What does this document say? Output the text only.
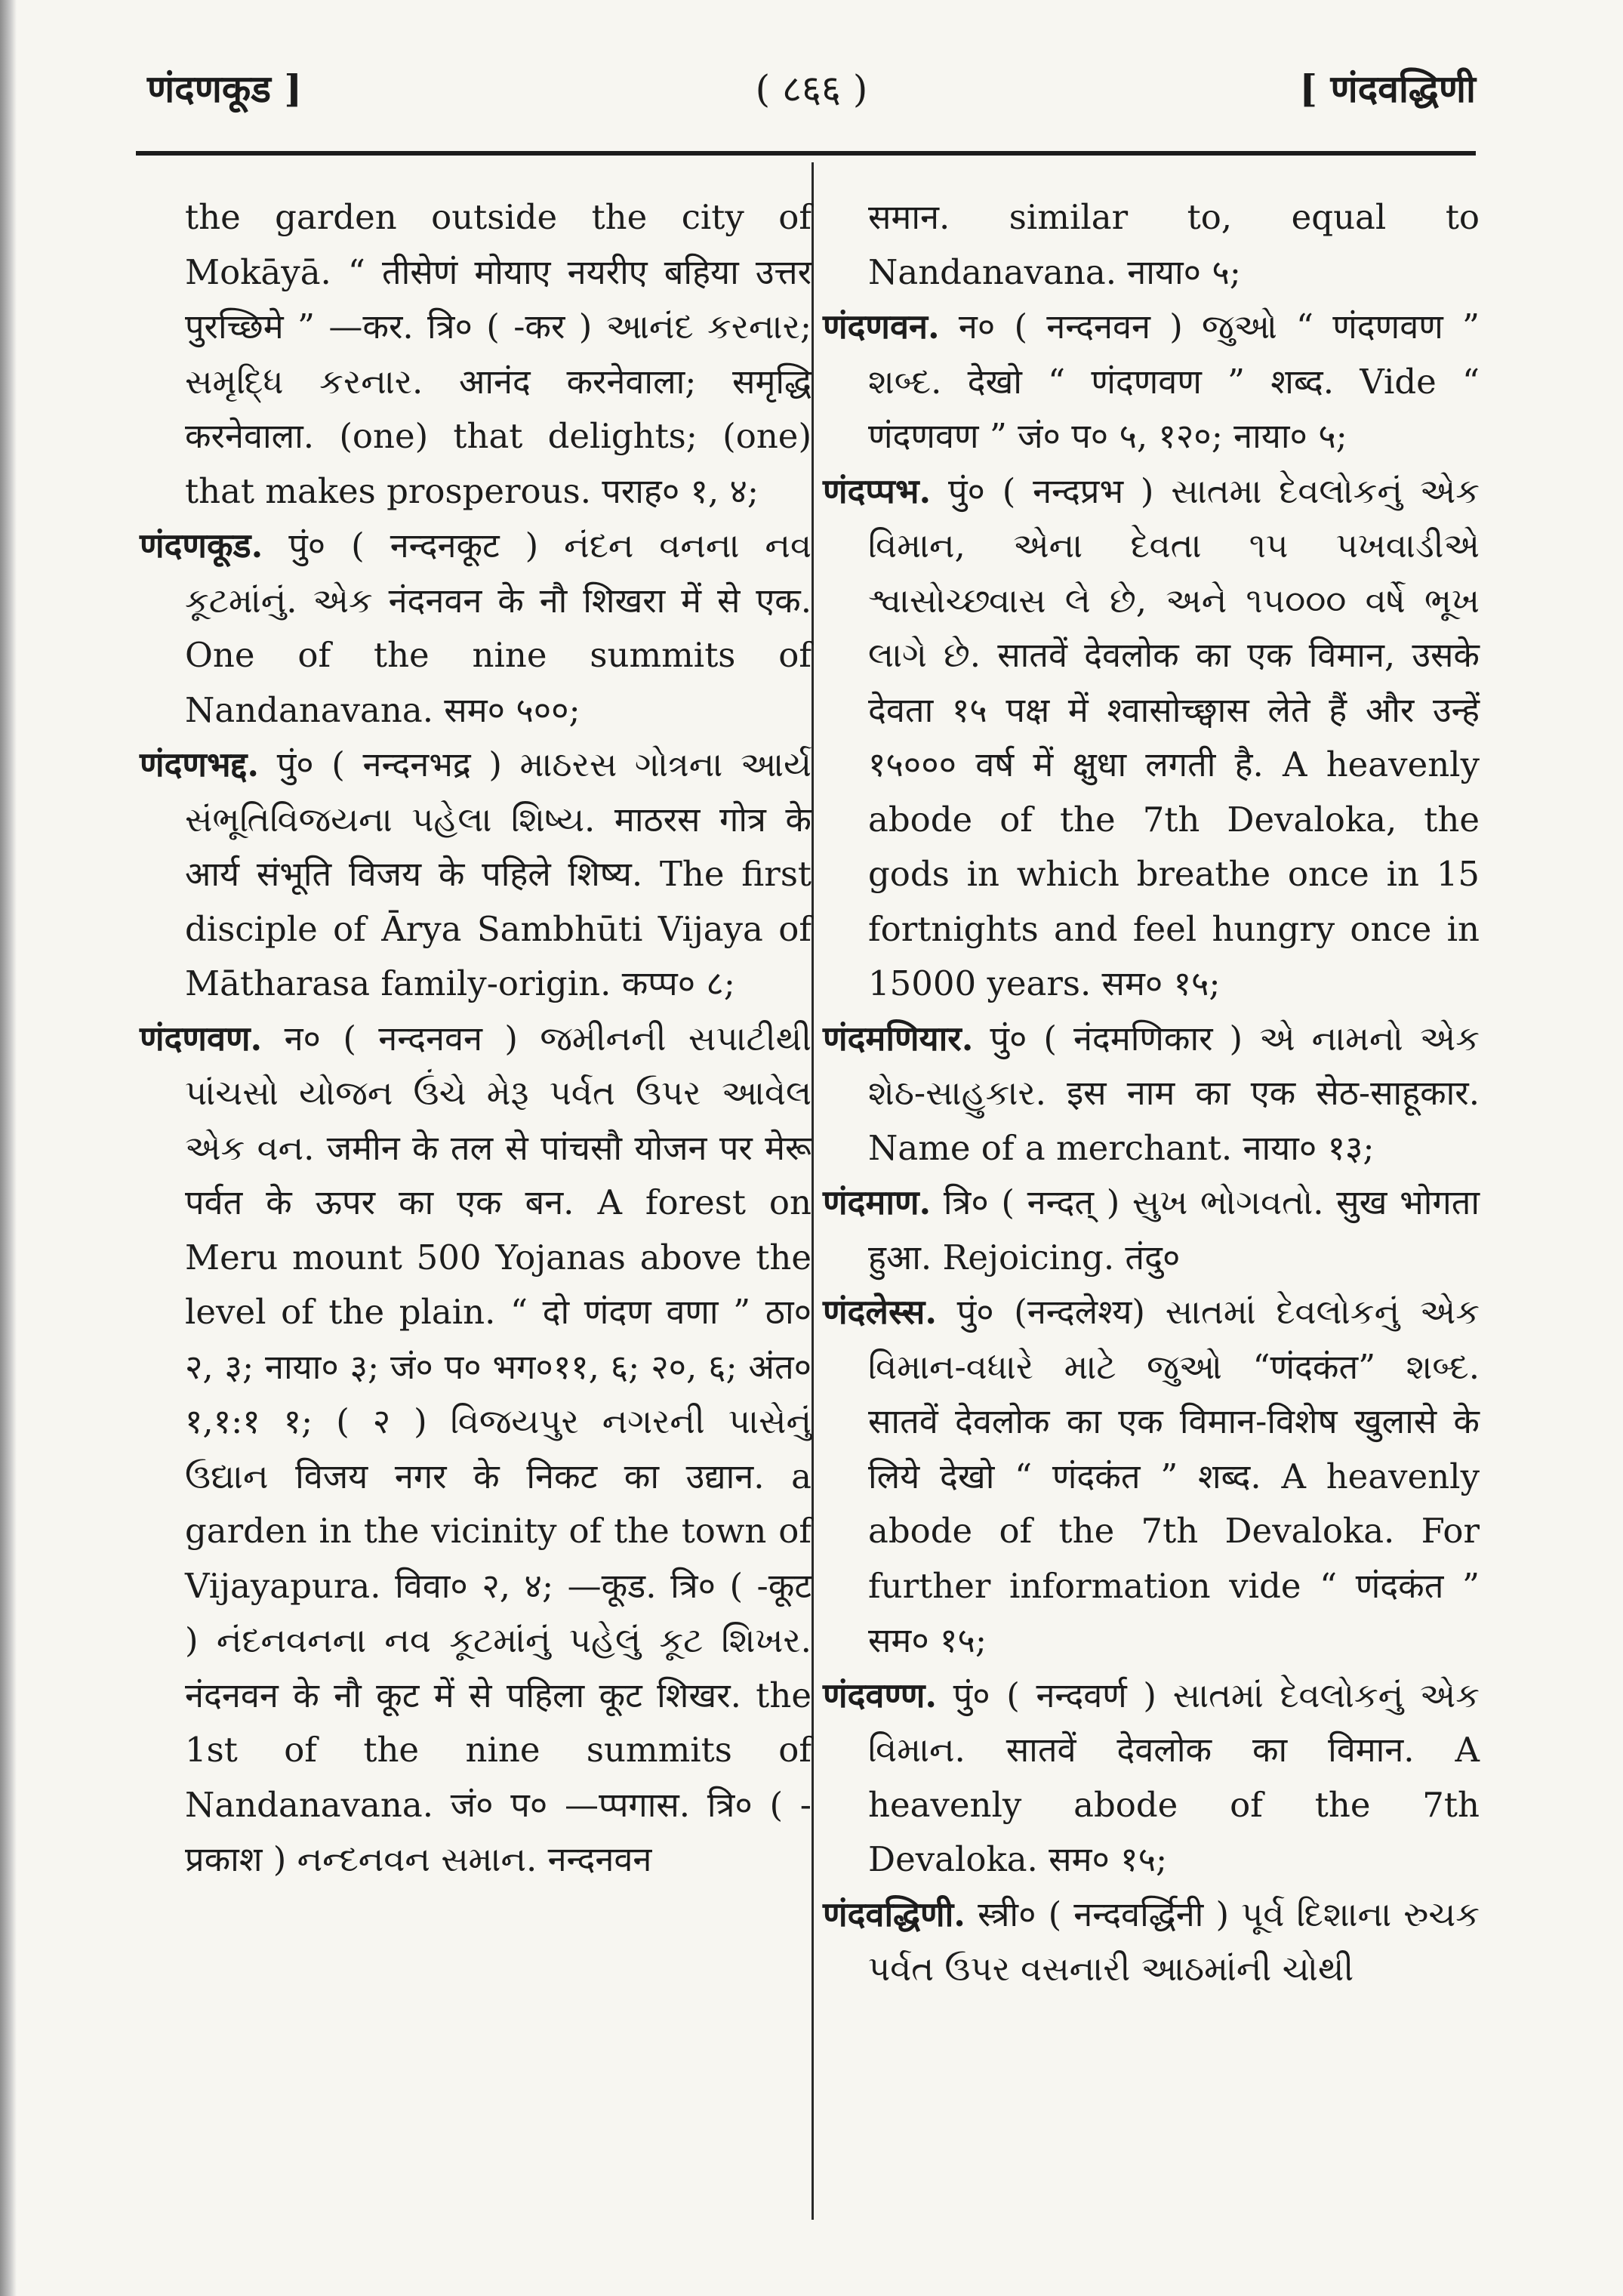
णंदणकूड ]	( ८६६ )	[ णंदवद्धिणी

the garden outside the city of Mokāyā. “ तीसेणं मोयाए नयरीए बहिया उत्तर पुरच्छिमे ” —कर. त्रि० ( -कर ) આનંદ કરનાર; સમૃદ્ધિ કરનાર. आनंद करनेवाला; समृद्धि करनेवाला. (one) that delights; (one) that makes prosperous. पराह० १, ४;

णंदणकूड. पुं० ( नन्दनकूट ) નંદન વનના નવ કૂટમાંનું. એક नंदनवन के नौ शिखरा में से एक. One of the nine summits of Nandanavana. सम० ५००;

णंदणभद्द. पुं० ( नन्दनभद्र ) માઠરસ ગોત્રના આર્ય સંભૂતિવિજયના પહેલા શિષ્ય. माठरस गोत्र के आर्य संभूति विजय के पहिले शिष्य. The first disciple of Ārya Sambhūti Vijaya of Mātharasa family-origin. कप्प० ८;

णंदणवण. न० ( नन्दनवन ) જમીનની સપાટીથી પાંચસો યોજન ઉંચે મેરૂ પર્વત ઉપર આવેલ એક વન. जमीन के तल से पांचसौ योजन पर मेरू पर्वत के ऊपर का एक बन. A forest on Meru mount 500 Yojanas above the level of the plain. “ दो णंदण वणा ” ठा० २, ३; नाया० ३; जं० प० भग०११, ६; २०, ६; अंत० १,१:१ १; ( २ ) વિજયપુર નગરની પાસેનું ઉદ્યાન विजय नगर के निकट का उद्यान. a garden in the vicinity of the town of Vijayapura. विवा० २, ४; —कूड. त्रि० ( -कूट ) નંદનવનના નવ કૂટમાંનું પહેલું કૂટ શિખર. नंदनवन के नौ कूट में से पहिला कूट शिखर. the 1st of the nine summits of Nandanavana. जं० प० —प्पगास. त्रि० ( -प्रकाश ) નન્દનવન સમાન. नन्दनवन

समान. similar to, equal to Nandanavana. नाया० ५;

णंदणवन. न० ( नन्दनवन ) જુઓ “ णंदणवण ” શબ્દ. देखो “ णंदणवण ” शब्द. Vide “ णंदणवण ” जं० प० ५, १२०; नाया० ५;

णंदप्पभ. पुं० ( नन्दप्रभ ) સાતમા દેવલોકનું એક વિમાન, એના દેવતા ૧૫ પખવાડીએ શ્વાસોચ્છ્વાસ લે છે, અને ૧૫૦૦૦ વર્ષે ભૂખ લાગે છે. सातवें देवलोक का एक विमान, उसके देवता १५ पक्ष में श्वासोच्छ्वास लेते हैं और उन्हें १५००० वर्ष में क्षुधा लगती है. A heavenly abode of the 7th Devaloka, the gods in which breathe once in 15 fortnights and feel hungry once in 15000 years. सम० १५;

णंदमणियार. पुं० ( नंदमणिकार ) એ નામનો એક શેઠ-સાહુકાર. इस नाम का एक सेठ-साहूकार. Name of a merchant. नाया० १३;

णंदमाण. त्रि० ( नन्दत् ) સુખ ભોગવતો. सुख भोगता हुआ. Rejoicing. तंदु०

णंदलेस्स. पुं० (नन्दलेश्य) સાતમાં દેવલોકનું એક વિમાન-વધારે માટે જુઓ “णंदकंत” શબ્દ. सातवें देवलोक का एक विमान-विशेष खुलासे के लिये देखो “ णंदकंत ” शब्द. A heavenly abode of the 7th Devaloka. For further information vide “ णंदकंत ” सम० १५;

णंदवण्ण. पुं० ( नन्दवर्ण ) સાતમાં દેવલોકનું એક વિમાન. सातवें देवलोक का विमान. A heavenly abode of the 7th Devaloka. सम० १५;

णंदवद्धिणी. स्त्री० ( नन्दवर्द्धिनी ) પૂર્વ દિશાના રુચક પર્વત ઉપર વસનારી આઠમાંની ચોથી
